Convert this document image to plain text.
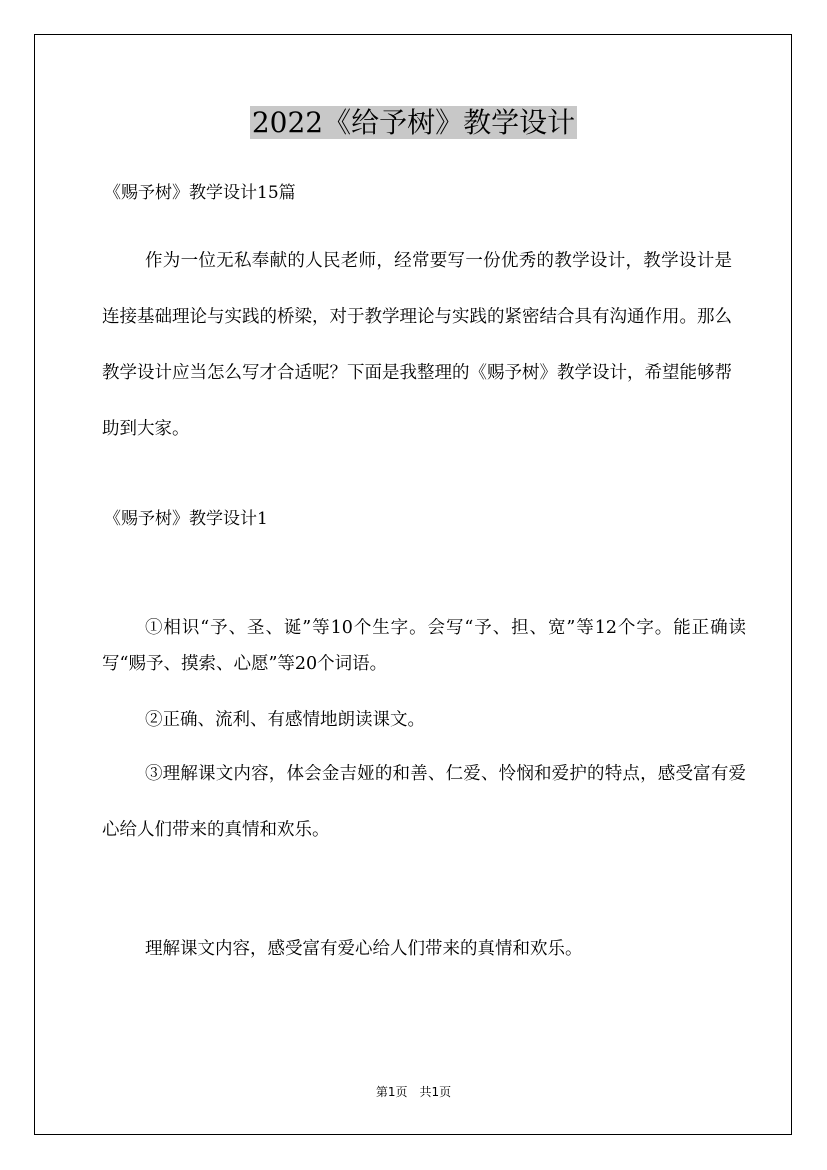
2022《给予树》教学设计
《赐予树》教学设计15篇

作为一位无私奉献的人民老师，经常要写一份优秀的教学设计，教学设计是连接基础理论与实践的桥梁，对于教学理论与实践的紧密结合具有沟通作用。那么教学设计应当怎么写才合适呢？下面是我整理的《赐予树》教学设计，希望能够帮助到大家。

《赐予树》教学设计1

①相识“予、圣、诞”等10个生字。会写“予、担、宽”等12个字。能正确读写“赐予、摸索、心愿”等20个词语。

②正确、流利、有感情地朗读课文。

③理解课文内容，体会金吉娅的和善、仁爱、怜悯和爱护的特点，感受富有爱心给人们带来的真情和欢乐。

理解课文内容，感受富有爱心给人们带来的真情和欢乐。
第1页　共1页
